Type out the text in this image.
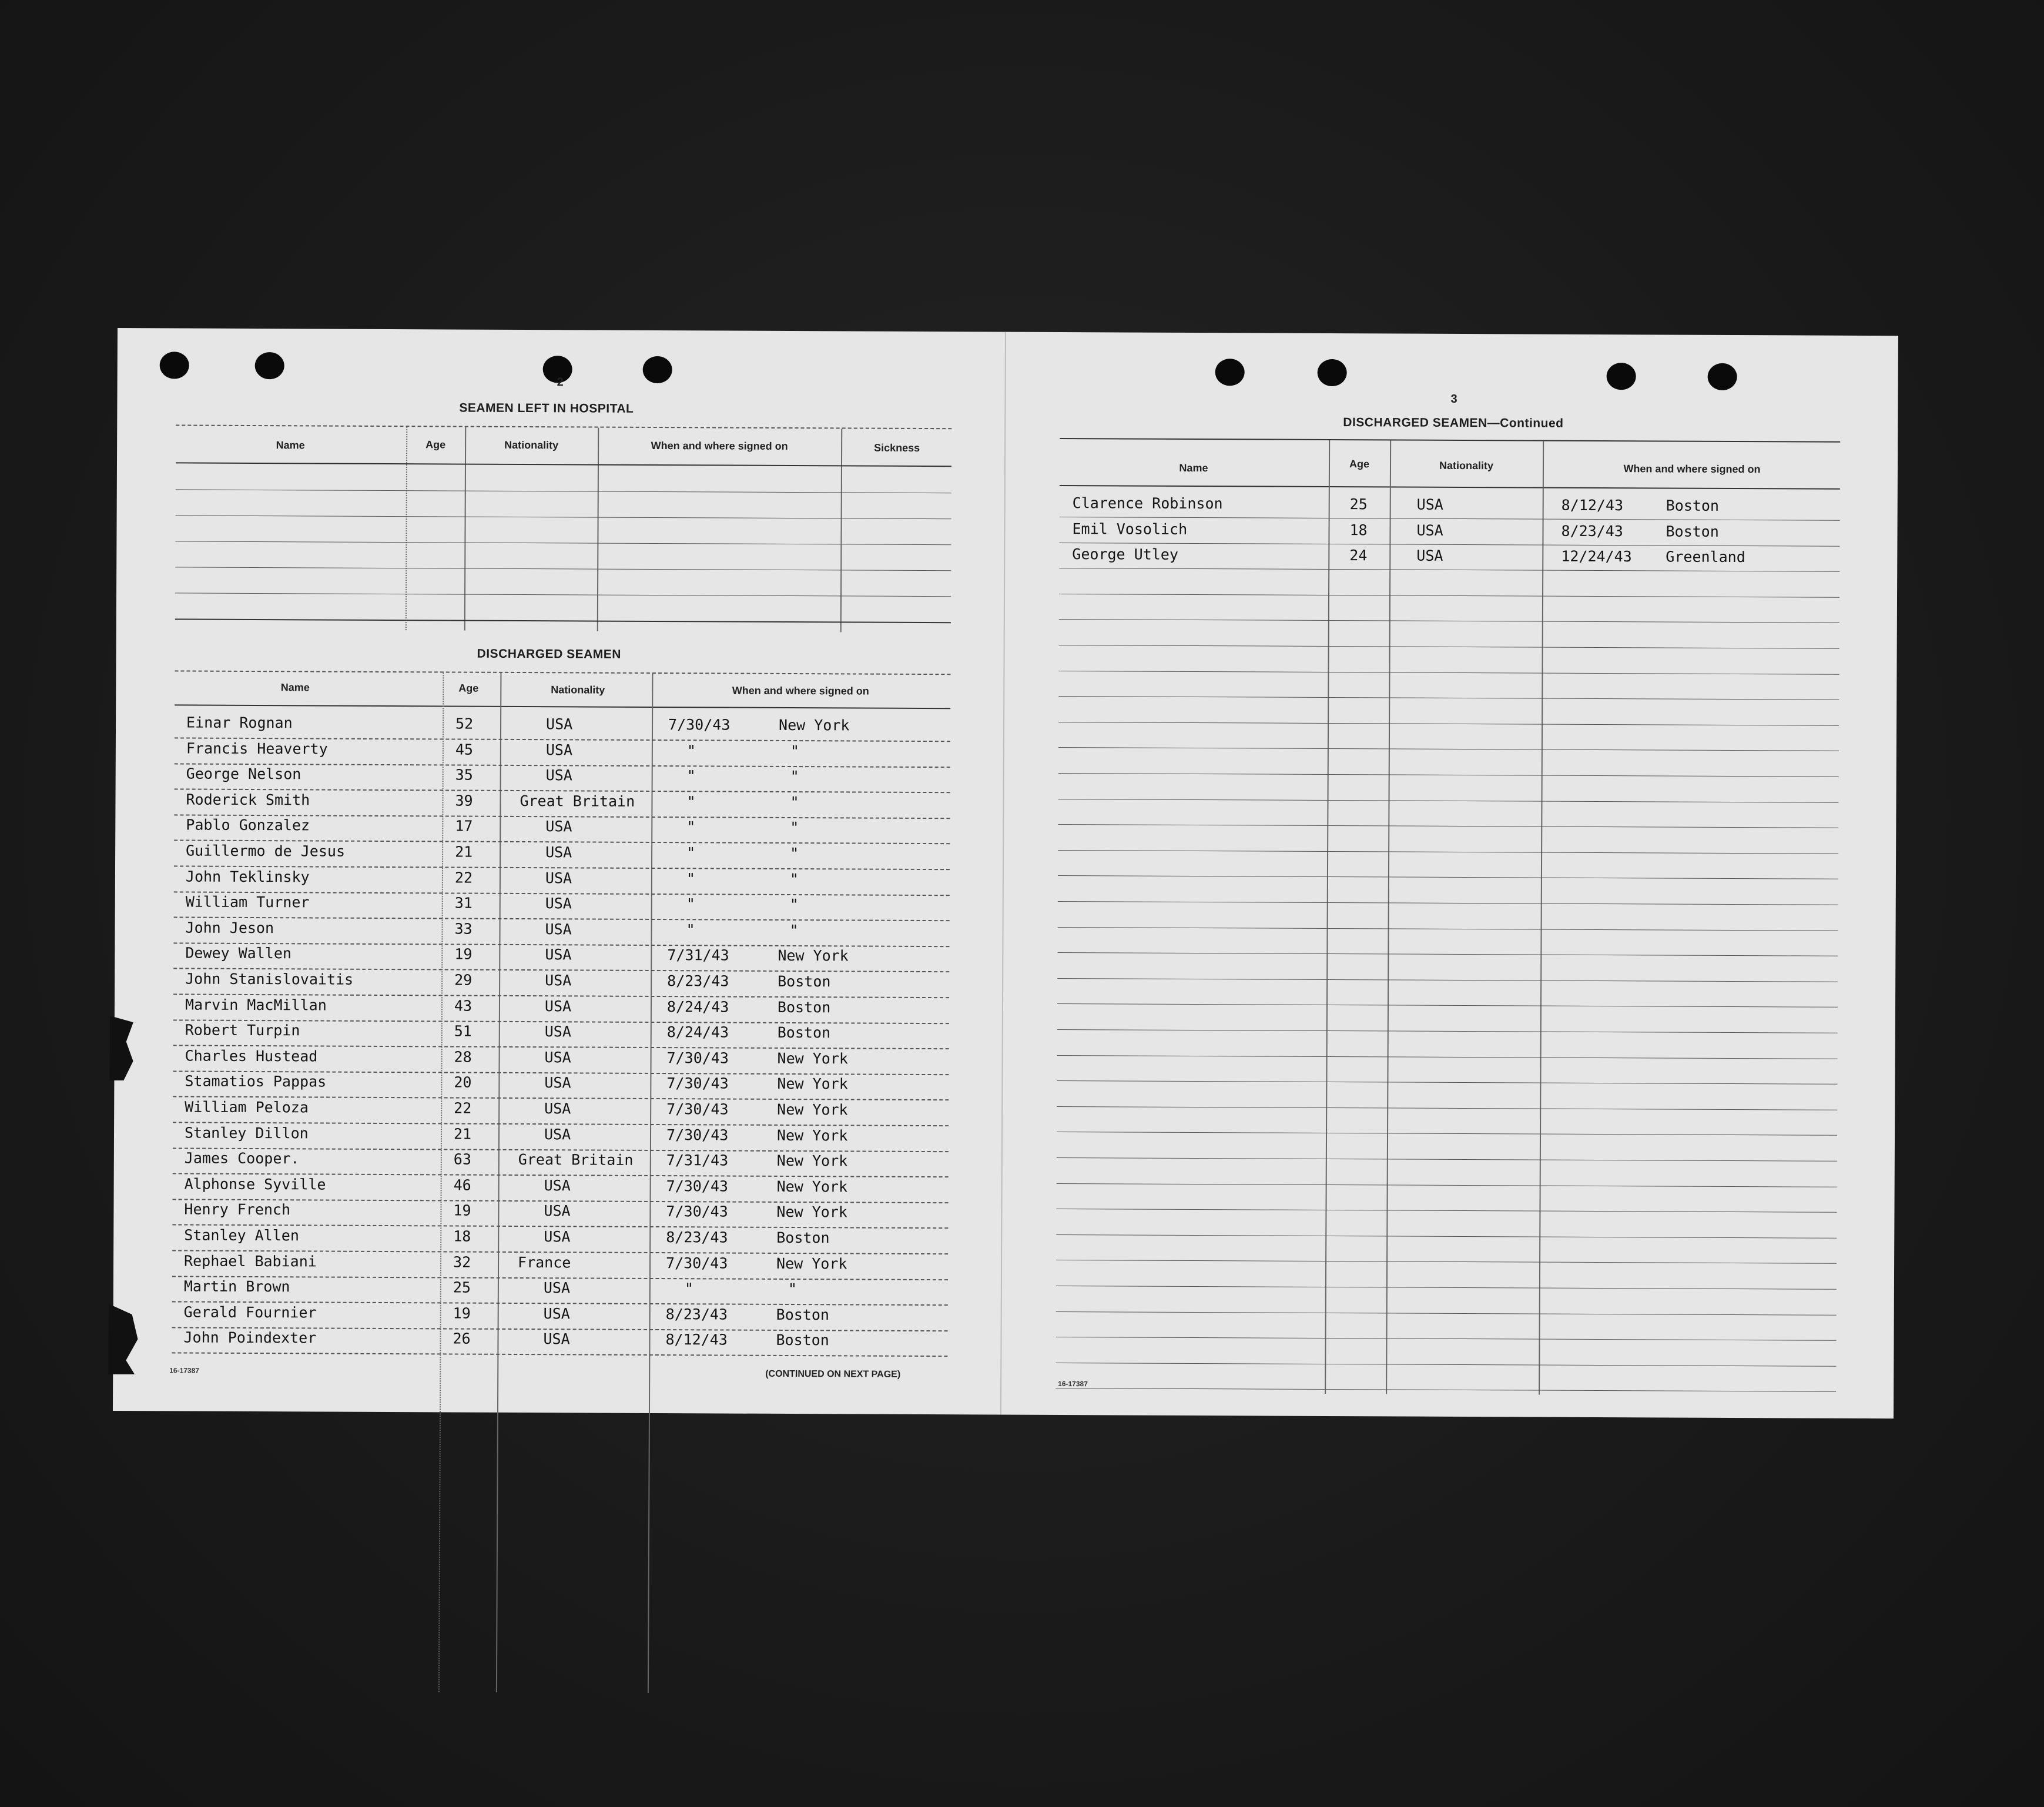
2
SEAMEN LEFT IN HOSPITAL
Name	Age	Nationality	When and where signed on	Sickness
DISCHARGED SEAMEN
Name	Age	Nationality	When and where signed on
Einar Rognan	52	USA	7/30/43	New York
Francis Heaverty	45	USA	"	"
George Nelson	35	USA	"	"
Roderick Smith	39	Great Britain	"	"
Pablo Gonzalez	17	USA	"	"
Guillermo de Jesus	21	USA	"	"
John Teklinsky	22	USA	"	"
William Turner	31	USA	"	"
John Jeson	33	USA	"	"
Dewey Wallen	19	USA	7/31/43	New York
John Stanislovaitis	29	USA	8/23/43	Boston
Marvin MacMillan	43	USA	8/24/43	Boston
Robert Turpin	51	USA	8/24/43	Boston
Charles Hustead	28	USA	7/30/43	New York
Stamatios Pappas	20	USA	7/30/43	New York
William Peloza	22	USA	7/30/43	New York
Stanley Dillon	21	USA	7/30/43	New York
James Cooper.	63	Great Britain 7/31/43	New York
Alphonse Syville	46	USA	7/30/43	New York
Henry French	19	USA	7/30/43	New York
Stanley Allen	18	USA	8/23/43	Boston
Rephael Babiani	32	France	7/30/43	New York
Martin Brown	25	USA	"	"
Gerald Fournier	19	USA	8/23/43	Boston
John Poindexter	26	USA	8/12/43	Boston
16-17387	(CONTINUED ON NEXT PAGE)
3
DISCHARGED SEAMEN—Continued
Name	Age	Nationality	When and where signed on
Clarence Robinson	25	USA	8/12/43	Boston
Emil Vosolich	18	USA	8/23/43	Boston
George Utley	24	USA	12/24/43 Greenland
16-17387
